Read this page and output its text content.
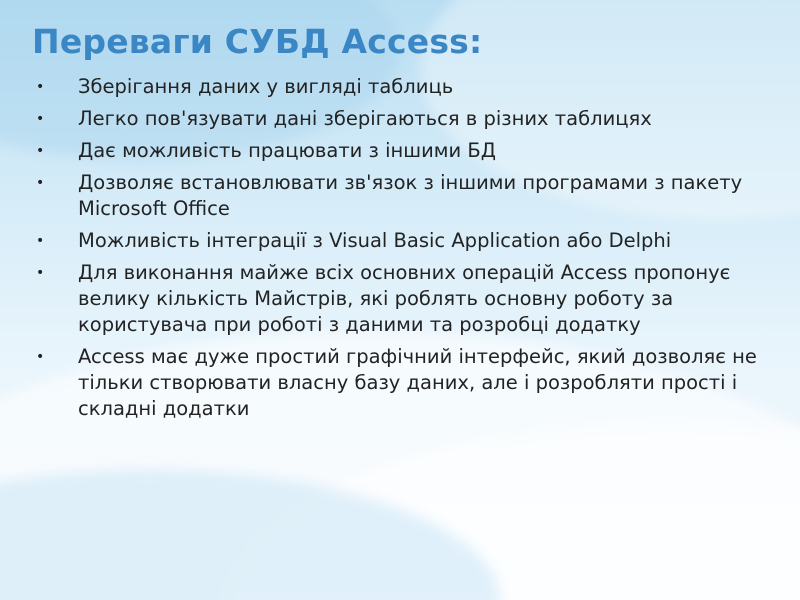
Переваги СУБД Access:
• Зберігання даних у вигляді таблиць
• Легко пов'язувати дані зберігаються в різних таблицях
• Дає можливість працювати з іншими БД
• Дозволяє встановлювати зв'язок з іншими програмами з пакету Microsoft Office
• Можливість інтеграції з Visual Basic Application або Delphi
• Для виконання майже всіх основних операцій Access пропонує велику кількість Майстрів, які роблять основну роботу за користувача при роботі з даними та розробці додатку
• Access має дуже простий графічний інтерфейс, який дозволяє не тільки створювати власну базу даних, але і розробляти прості і складні додатки
